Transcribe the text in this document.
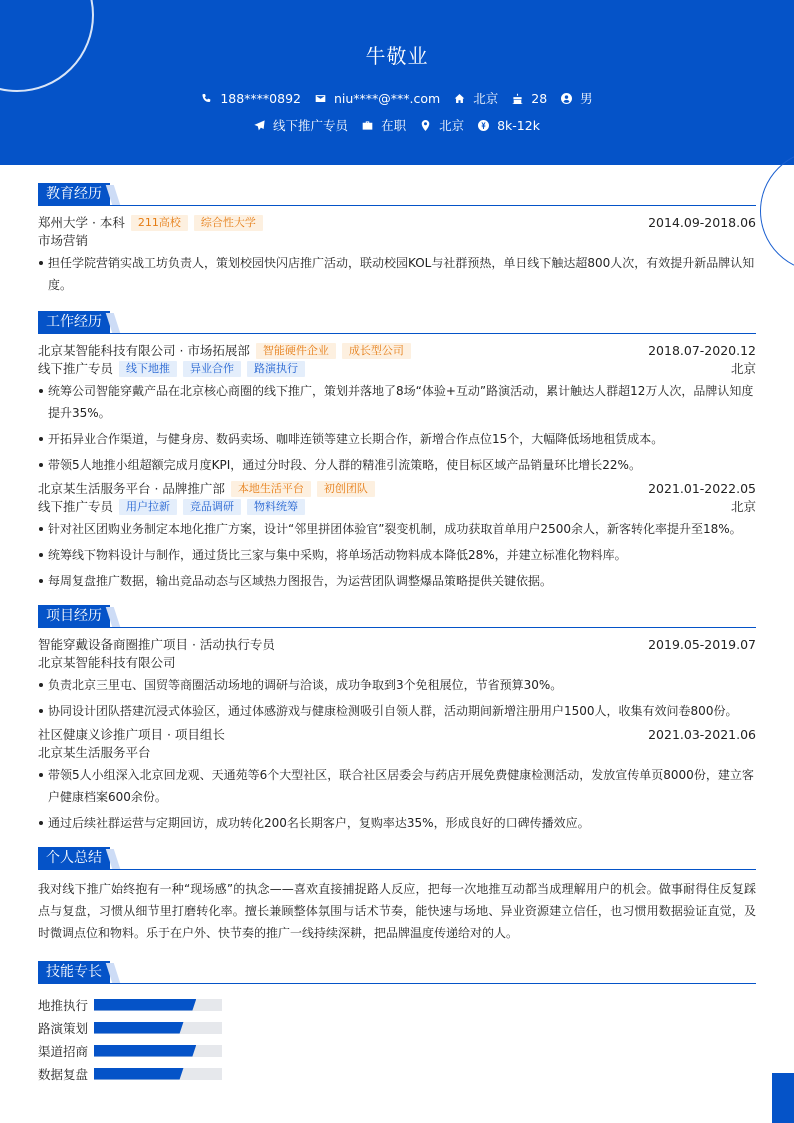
牛敬业
188****0892	niu****@***.com	北京	28	男
线下推广专员	在职	北京	8k-12k
教育经历
郑州大学 · 本科	211高校	综合性大学	2014.09-2018.06
市场营销
担任学院营销实战工坊负责人，策划校园快闪店推广活动，联动校园KOL与社群预热，单日线下触达超800人次，有效提升新品牌认知度。
工作经历
北京某智能科技有限公司 · 市场拓展部	智能硬件企业	成长型公司	2018.07-2020.12
线下推广专员	线下地推	异业合作	路演执行	北京
统筹公司智能穿戴产品在北京核心商圈的线下推广，策划并落地了8场“体验+互动”路演活动，累计触达人群超12万人次，品牌认知度提升35%。
开拓异业合作渠道，与健身房、数码卖场、咖啡连锁等建立长期合作，新增合作点位15个，大幅降低场地租赁成本。
带领5人地推小组超额完成月度KPI，通过分时段、分人群的精准引流策略，使目标区域产品销量环比增长22%。
北京某生活服务平台 · 品牌推广部	本地生活平台	初创团队	2021.01-2022.05
线下推广专员	用户拉新	竞品调研	物料统筹	北京
针对社区团购业务制定本地化推广方案，设计“邻里拼团体验官”裂变机制，成功获取首单用户2500余人，新客转化率提升至18%。
统筹线下物料设计与制作，通过货比三家与集中采购，将单场活动物料成本降低28%，并建立标准化物料库。
每周复盘推广数据，输出竞品动态与区域热力图报告，为运营团队调整爆品策略提供关键依据。
项目经历
智能穿戴设备商圈推广项目 · 活动执行专员	2019.05-2019.07
北京某智能科技有限公司
负责北京三里屯、国贸等商圈活动场地的调研与洽谈，成功争取到3个免租展位，节省预算30%。
协同设计团队搭建沉浸式体验区，通过体感游戏与健康检测吸引自领人群，活动期间新增注册用户1500人，收集有效问卷800份。
社区健康义诊推广项目 · 项目组长	2021.03-2021.06
北京某生活服务平台
带领5人小组深入北京回龙观、天通苑等6个大型社区，联合社区居委会与药店开展免费健康检测活动，发放宣传单页8000份，建立客户健康档案600余份。
通过后续社群运营与定期回访，成功转化200名长期客户，复购率达35%，形成良好的口碑传播效应。
个人总结
我对线下推广始终抱有一种“现场感”的执念——喜欢直接捕捉路人反应，把每一次地推互动都当成理解用户的机会。做事耐得住反复踩点与复盘，习惯从细节里打磨转化率。擅长兼顾整体氛围与话术节奏，能快速与场地、异业资源建立信任，也习惯用数据验证直觉，及时微调点位和物料。乐于在户外、快节奏的推广一线持续深耕，把品牌温度传递给对的人。
技能专长
地推执行
路演策划
渠道招商
数据复盘
